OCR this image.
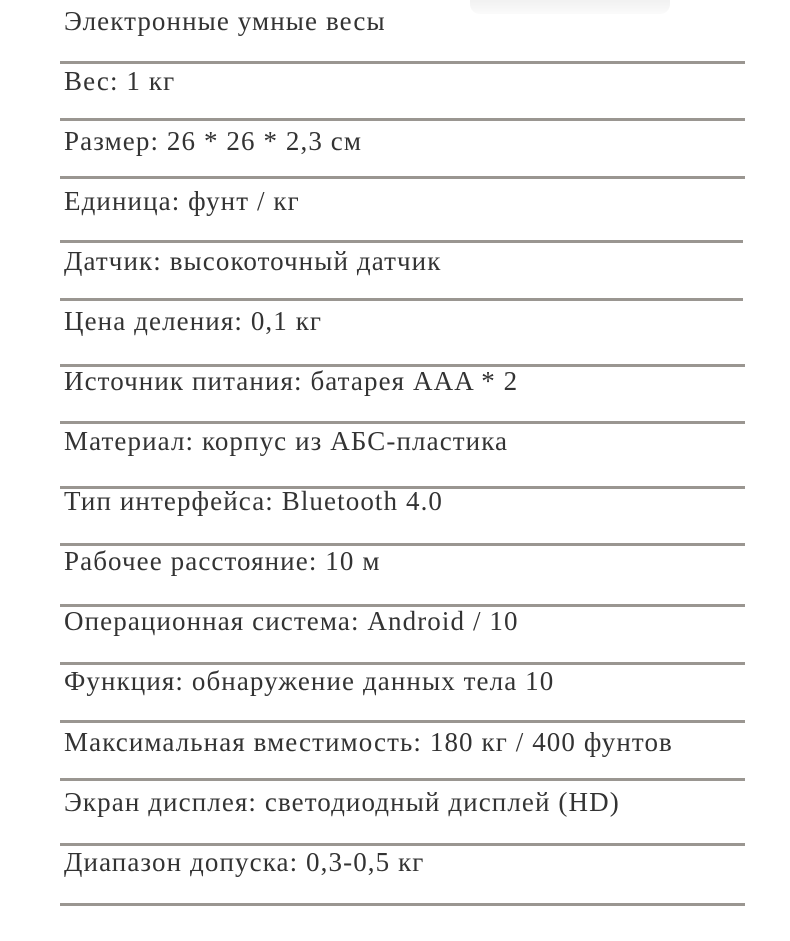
Электронные умные весы
Вес: 1 кг
Размер: 26 * 26 * 2,3 см
Единица: фунт / кг
Датчик: высокоточный датчик
Цена деления: 0,1 кг
Источник питания: батарея AAA * 2
Материал: корпус из АБС-пластика
Тип интерфейса: Bluetooth 4.0
Рабочее расстояние: 10 м
Операционная система: Android / 10
Функция: обнаружение данных тела 10
Максимальная вместимость: 180 кг / 400 фунтов
Экран дисплея: светодиодный дисплей (HD)
Диапазон допуска: 0,3-0,5 кг
